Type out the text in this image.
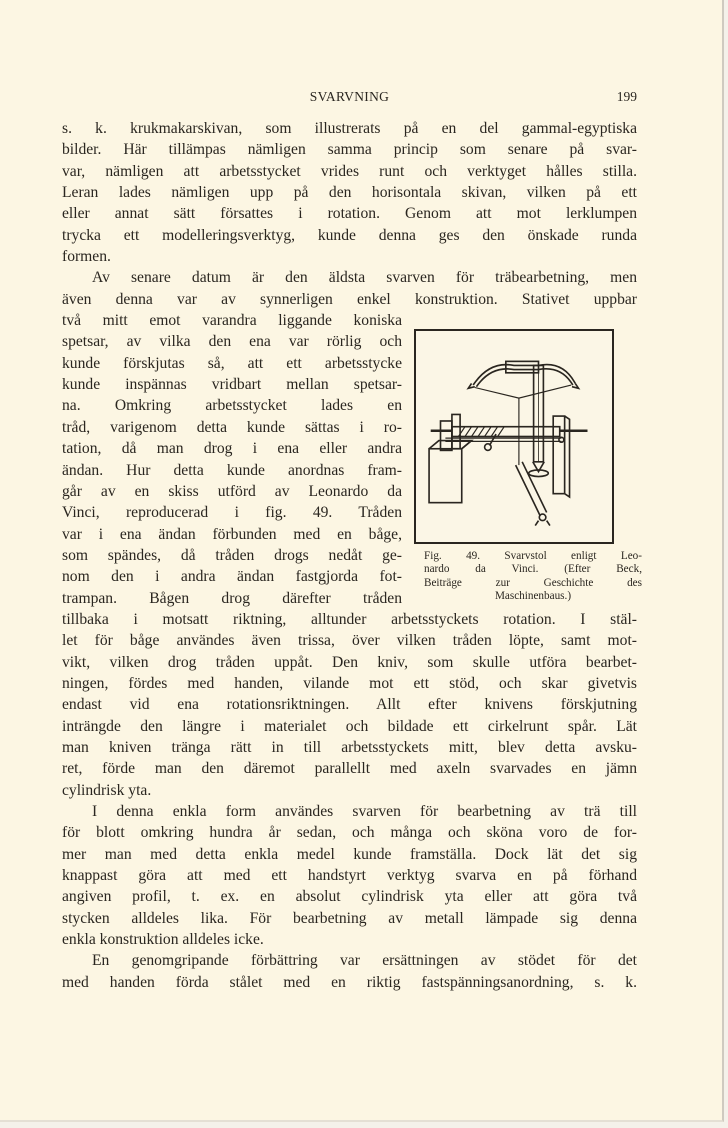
SVARVNING	199
s. k. krukmakarskivan, som illustrerats på en del gammal-egyptiska
bilder. Här tillämpas nämligen samma princip som senare på svar-
var, nämligen att arbetsstycket vrides runt och verktyget hålles stilla.
Leran lades nämligen upp på den horisontala skivan, vilken på ett
eller annat sätt försattes i rotation. Genom att mot lerklumpen
trycka ett modelleringsverktyg, kunde denna ges den önskade runda
formen.
Av senare datum är den äldsta svarven för träbearbetning, men
även denna var av synnerligen enkel konstruktion. Stativet uppbar
två mitt emot varandra liggande koniska
spetsar, av vilka den ena var rörlig och
kunde förskjutas så, att ett arbetsstycke
kunde inspännas vridbart mellan spetsar-
na. Omkring arbetsstycket lades en
tråd, varigenom detta kunde sättas i ro-
tation, då man drog i ena eller andra
ändan. Hur detta kunde anordnas fram-
går av en skiss utförd av Leonardo da
Vinci, reproducerad i fig. 49. Tråden
var i ena ändan förbunden med en båge,
som spändes, då tråden drogs nedåt ge-
nom den i andra ändan fastgjorda fot-
trampan. Bågen drog därefter tråden
tillbaka i motsatt riktning, alltunder arbetsstyckets rotation. I stäl-
let för båge användes även trissa, över vilken tråden löpte, samt mot-
vikt, vilken drog tråden uppåt. Den kniv, som skulle utföra bearbet-
ningen, fördes med handen, vilande mot ett stöd, och skar givetvis
endast vid ena rotationsriktningen. Allt efter knivens förskjutning
inträngde den längre i materialet och bildade ett cirkelrunt spår. Lät
man kniven tränga rätt in till arbetsstyckets mitt, blev detta avsku-
ret, förde man den däremot parallellt med axeln svarvades en jämn
cylindrisk yta.
I denna enkla form användes svarven för bearbetning av trä till
för blott omkring hundra år sedan, och många och sköna voro de for-
mer man med detta enkla medel kunde framställa. Dock lät det sig
knappast göra att med ett handstyrt verktyg svarva en på förhand
angiven profil, t. ex. en absolut cylindrisk yta eller att göra två
stycken alldeles lika. För bearbetning av metall lämpade sig denna
enkla konstruktion alldeles icke.
En genomgripande förbättring var ersättningen av stödet för det
med handen förda stålet med en riktig fastspänningsanordning, s. k.
Fig. 49. Svarvstol enligt Leo-
nardo da Vinci. (Efter Beck,
Beiträge zur Geschichte des
Maschinenbaus.)
